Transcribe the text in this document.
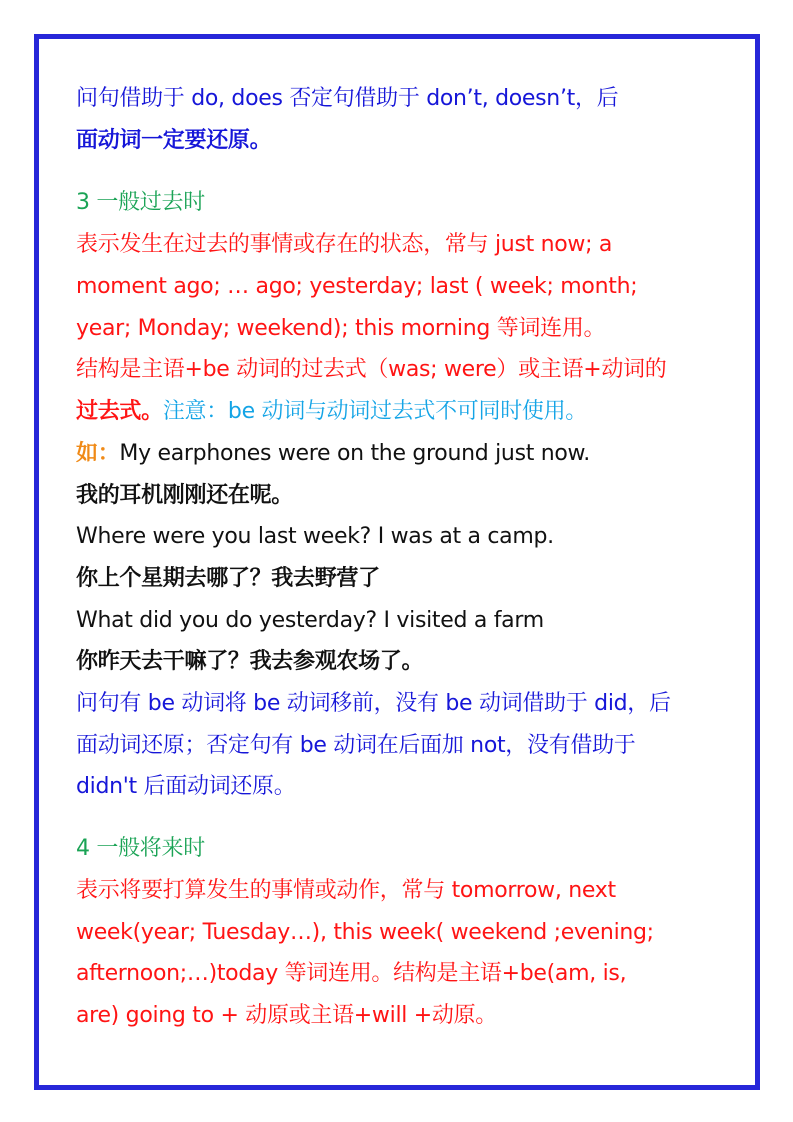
问句借助于 do, does 否定句借助于 don’t, doesn’t，后
面动词一定要还原。
3 一般过去时
表示发生在过去的事情或存在的状态，常与 just now; a
moment ago; … ago; yesterday; last ( week; month;
year; Monday; weekend); this morning 等词连用。
结构是主语+be 动词的过去式（was; were）或主语+动词的
过去式。注意：be 动词与动词过去式不可同时使用。
如：My earphones were on the ground just now.
我的耳机刚刚还在呢。
Where were you last week? I was at a camp.
你上个星期去哪了？我去野营了
What did you do yesterday? I visited a farm
你昨天去干嘛了？我去参观农场了。
问句有 be 动词将 be 动词移前，没有 be 动词借助于 did，后
面动词还原；否定句有 be 动词在后面加 not，没有借助于
didn't 后面动词还原。
4 一般将来时
表示将要打算发生的事情或动作，常与 tomorrow, next
week(year; Tuesday…), this week( weekend ;evening;
afternoon;…)today 等词连用。结构是主语+be(am, is,
are) going to + 动原或主语+will +动原。
